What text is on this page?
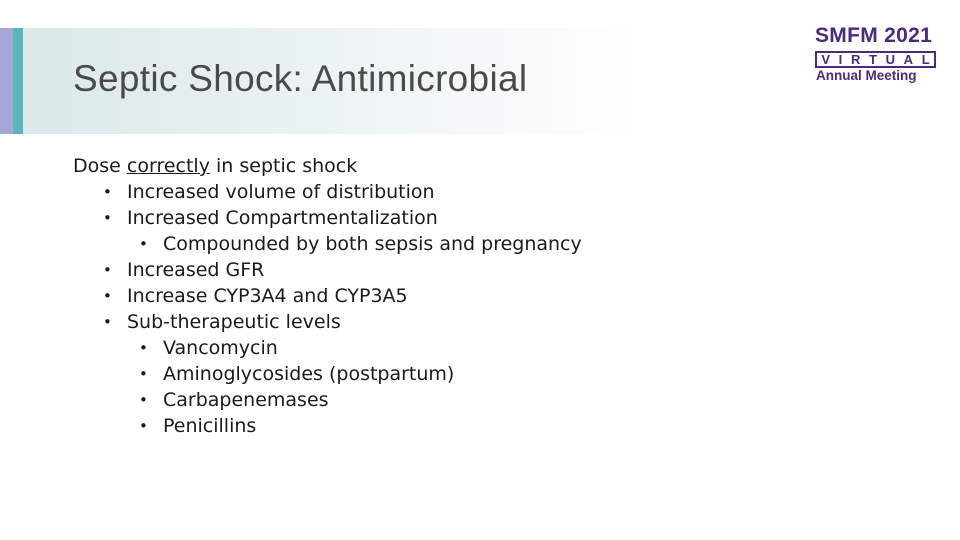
Septic Shock: Antimicrobial
SMFM 2021
V I R T U A L
Annual Meeting
Dose correctly in septic shock
• Increased volume of distribution
• Increased Compartmentalization
• Compounded by both sepsis and pregnancy
• Increased GFR
• Increase CYP3A4 and CYP3A5
• Sub-therapeutic levels
• Vancomycin
• Aminoglycosides (postpartum)
• Carbapenemases
• Penicillins
